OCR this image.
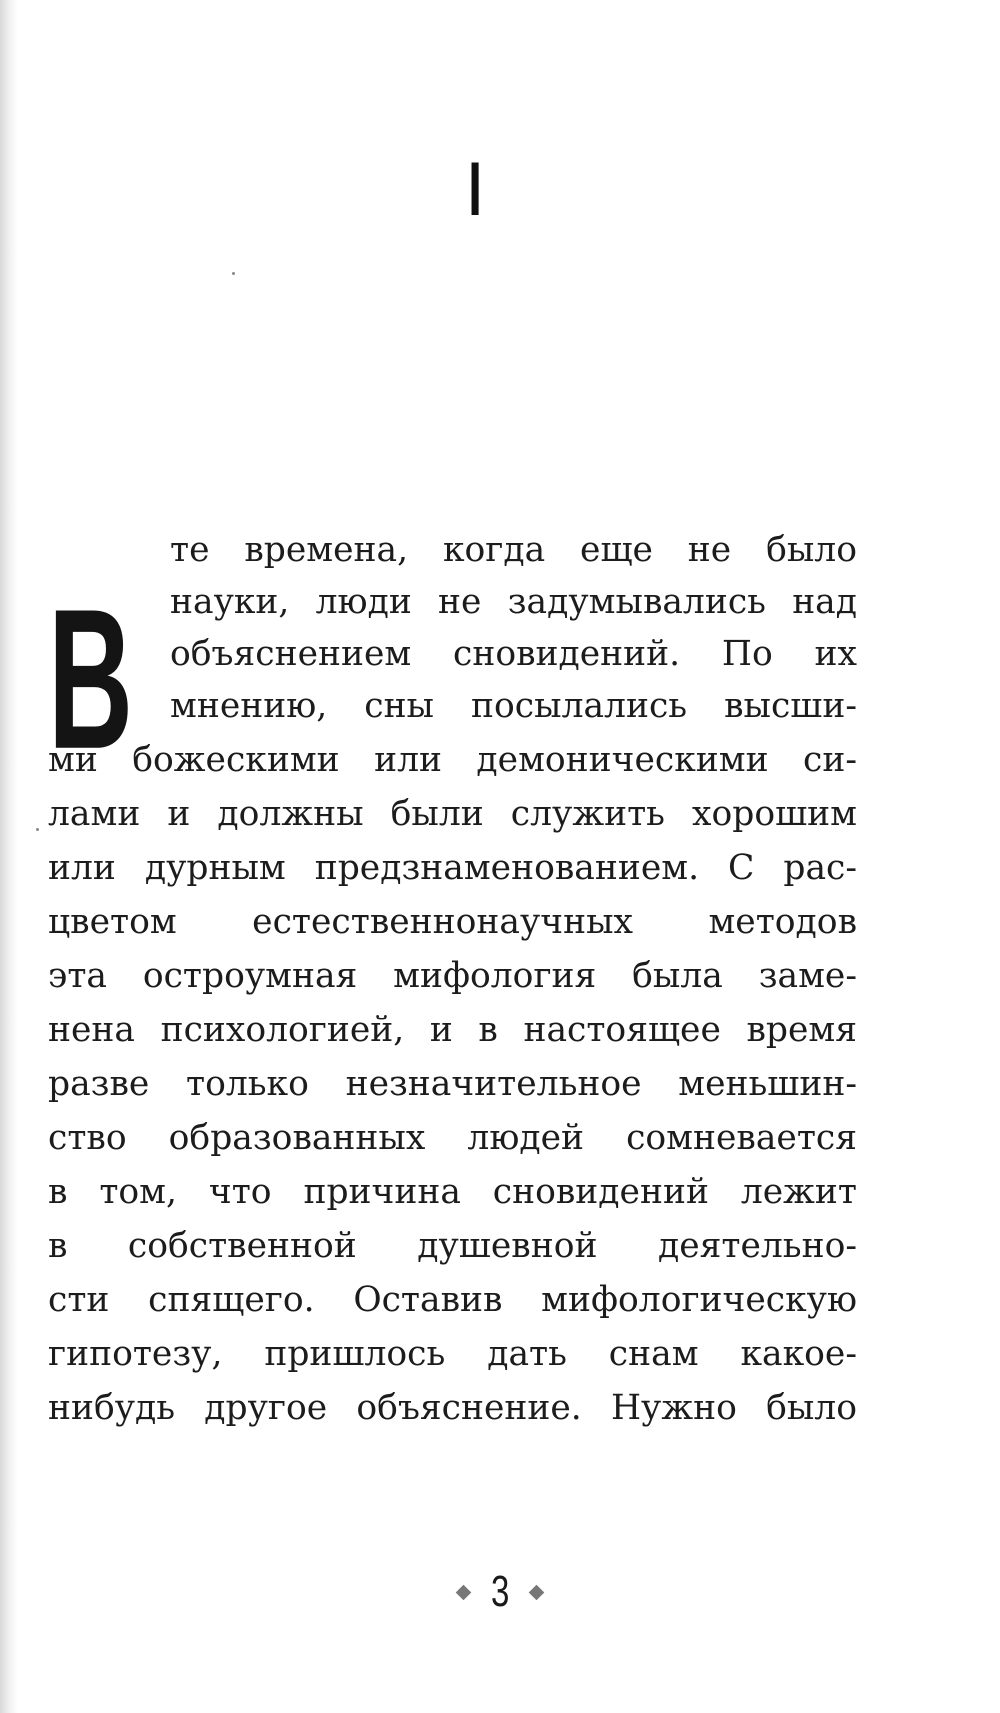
I
В
те времена, когда еще не было
науки, люди не задумывались над
объяснением сновидений. По их
мнению, сны посылались высши-
ми божескими или демоническими си-
лами и должны были служить хорошим
или дурным предзнаменованием. С рас-
цветом естественнонаучных методов
эта остроумная мифология была заме-
нена психологией, и в настоящее время
разве только незначительное меньшин-
ство образованных людей сомневается
в том, что причина сновидений лежит
в собственной душевной деятельно-
сти спящего. Оставив мифологическую
гипотезу, пришлось дать снам какое-
нибудь другое объяснение. Нужно было
3
